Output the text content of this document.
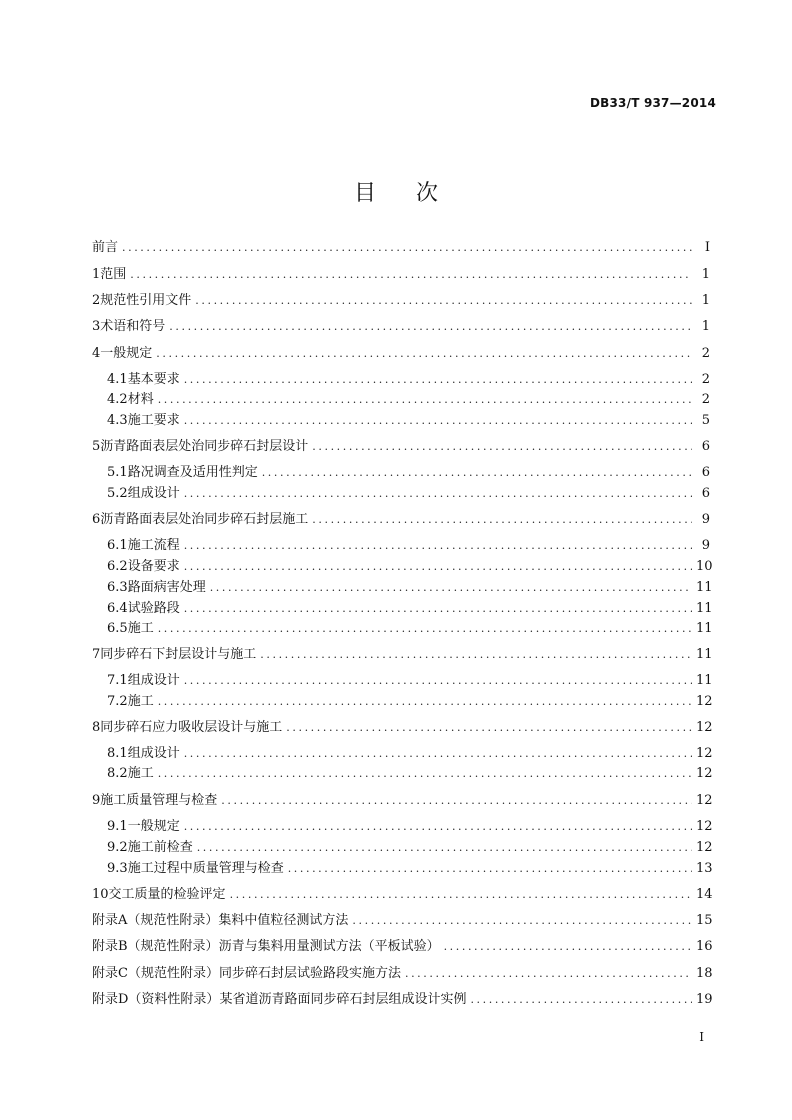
DB33/T 937—2014
目 次
前言 .....	I
1 范围 .....	1
2 规范性引用文件 .....	1
3 术语和符号 .....	1
4 一般规定 .....	2
4.1 基本要求 .....	2
4.2 材料 .....	2
4.3 施工要求 .....	5
5 沥青路面表层处治同步碎石封层设计 .....	6
5.1 路况调查及适用性判定 .....	6
5.2 组成设计 .....	6
6 沥青路面表层处治同步碎石封层施工 .....	9
6.1 施工流程 .....	9
6.2 设备要求 .....	10
6.3 路面病害处理 .....	11
6.4 试验路段 .....	11
6.5 施工 .....	11
7 同步碎石下封层设计与施工 .....	11
7.1 组成设计 .....	11
7.2 施工 .....	12
8 同步碎石应力吸收层设计与施工 .....	12
8.1 组成设计 .....	12
8.2 施工 .....	12
9 施工质量管理与检查 .....	12
9.1 一般规定 .....	12
9.2 施工前检查 .....	12
9.3 施工过程中质量管理与检查 .....	13
10 交工质量的检验评定 .....	14
附录A（规范性附录） 集料中值粒径测试方法 .....	15
附录B（规范性附录） 沥青与集料用量测试方法（平板试验） .....	16
附录C（规范性附录） 同步碎石封层试验路段实施方法 .....	18
附录D（资料性附录） 某省道沥青路面同步碎石封层组成设计实例 .....	19
I
